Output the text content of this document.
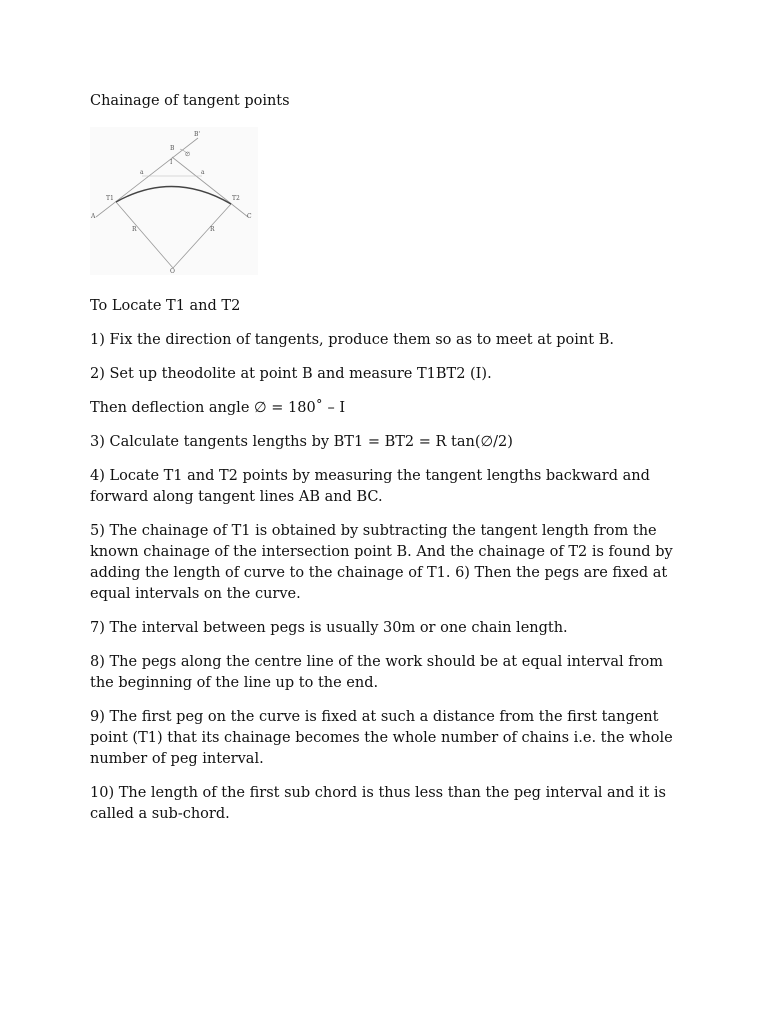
Chainage of tangent points
B'
B
∅
I
a	a
T1	T2
A	C
R	R
O
To Locate T1 and T2
1) Fix the direction of tangents, produce them so as to meet at point B.
2) Set up theodolite at point B and measure T1BT2 (I).
Then deflection angle ∅ = 180˚ – I
3) Calculate tangents lengths by BT1 = BT2 = R tan(∅/2)
4) Locate T1 and T2 points by measuring the tangent lengths backward and forward along tangent lines AB and BC.
5) The chainage of T1 is obtained by subtracting the tangent length from the known chainage of the intersection point B. And the chainage of T2 is found by adding the length of curve to the chainage of T1. 6) Then the pegs are fixed at equal intervals on the curve.
7) The interval between pegs is usually 30m or one chain length.
8) The pegs along the centre line of the work should be at equal interval from the beginning of the line up to the end.
9) The first peg on the curve is fixed at such a distance from the first tangent point (T1) that its chainage becomes the whole number of chains i.e. the whole number of peg interval.
10) The length of the first sub chord is thus less than the peg interval and it is called a sub-chord.
